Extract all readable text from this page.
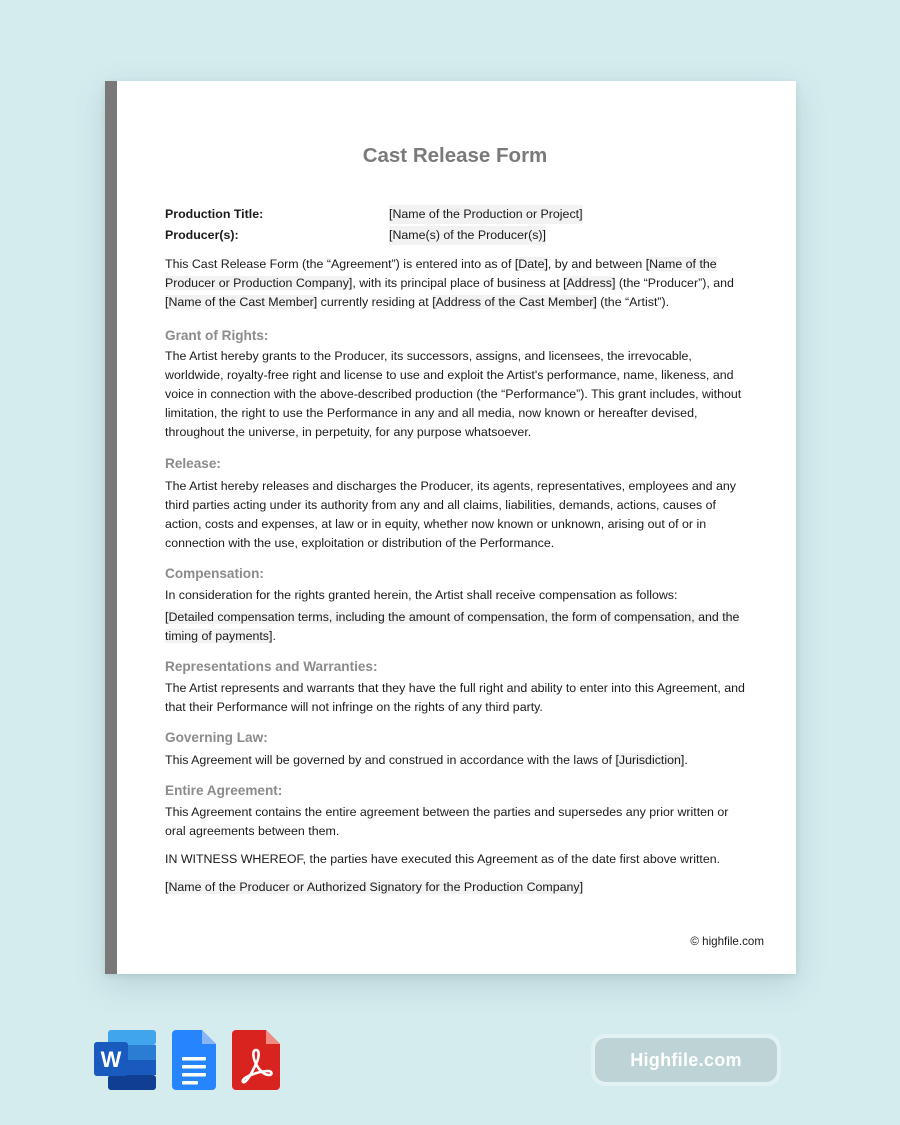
Cast Release Form
Production Title:	[Name of the Production or Project]
Producer(s):	[Name(s) of the Producer(s)]

This Cast Release Form (the “Agreement”) is entered into as of [Date], by and between [Name of the Producer or Production Company], with its principal place of business at [Address] (the “Producer”), and [Name of the Cast Member] currently residing at [Address of the Cast Member] (the “Artist”).

Grant of Rights:

The Artist hereby grants to the Producer, its successors, assigns, and licensees, the irrevocable, worldwide, royalty-free right and license to use and exploit the Artist's performance, name, likeness, and voice in connection with the above-described production (the “Performance”). This grant includes, without limitation, the right to use the Performance in any and all media, now known or hereafter devised, throughout the universe, in perpetuity, for any purpose whatsoever.

Release:

The Artist hereby releases and discharges the Producer, its agents, representatives, employees and any third parties acting under its authority from any and all claims, liabilities, demands, actions, causes of action, costs and expenses, at law or in equity, whether now known or unknown, arising out of or in connection with the use, exploitation or distribution of the Performance.

Compensation:

In consideration for the rights granted herein, the Artist shall receive compensation as follows:

[Detailed compensation terms, including the amount of compensation, the form of compensation, and the timing of payments].

Representations and Warranties:

The Artist represents and warrants that they have the full right and ability to enter into this Agreement, and that their Performance will not infringe on the rights of any third party.

Governing Law:

This Agreement will be governed by and construed in accordance with the laws of [Jurisdiction].

Entire Agreement:

This Agreement contains the entire agreement between the parties and supersedes any prior written or oral agreements between them.

IN WITNESS WHEREOF, the parties have executed this Agreement as of the date first above written.

[Name of the Producer or Authorized Signatory for the Production Company]

© highfile.com
W	Highfile.com
